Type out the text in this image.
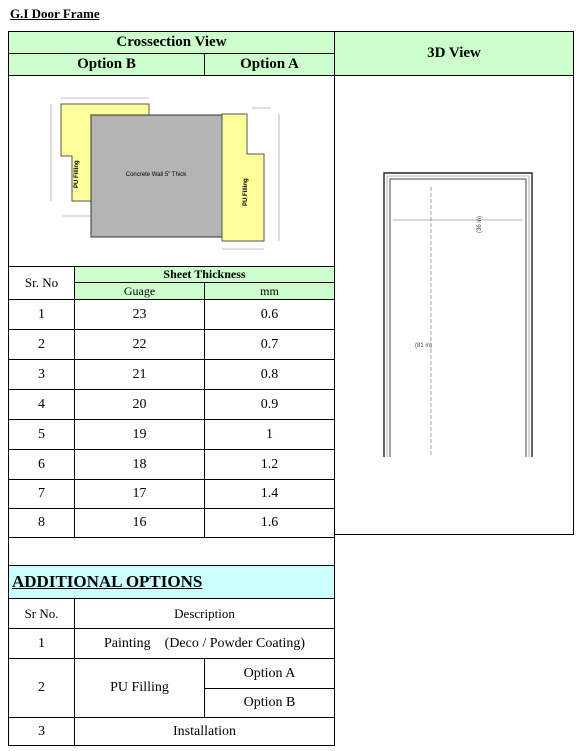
G.I Door Frame
Crossection View
Option B	Option A
3D View
Concrete Wall 5" Thick
PU Filling
PU Filling
(36 in)
(81 in)
Sr. No
Sheet Thickness
Guage	mm
1	23	0.6
2	22	0.7
3	21	0.8
4	20	0.9
5	19	1
6	18	1.2
7	17	1.4
8	16	1.6
ADDITIONAL OPTIONS
Sr No.	Description
1	Painting    (Deco / Powder Coating)
2	PU Filling
Option A
Option B
3	Installation
